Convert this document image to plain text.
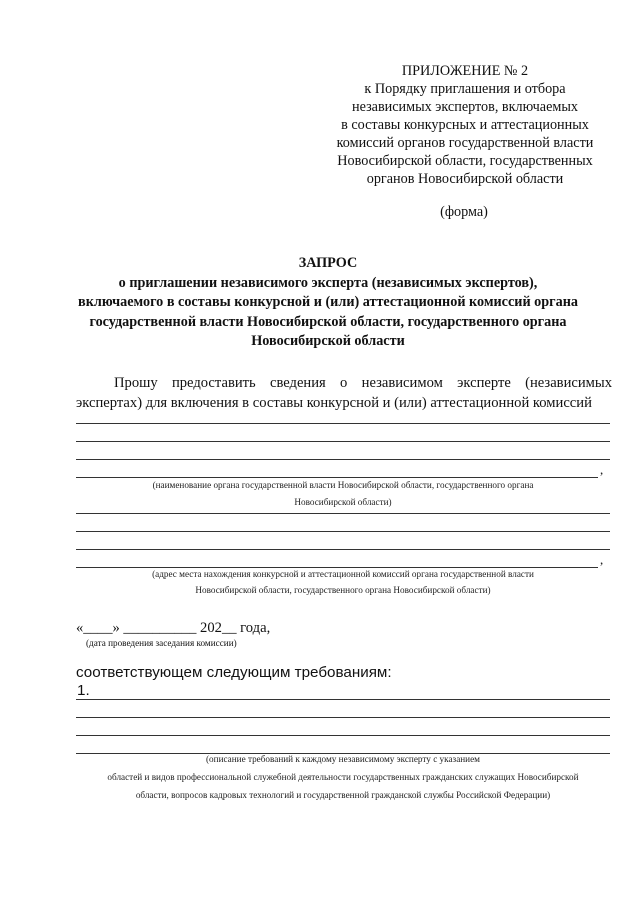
ПРИЛОЖЕНИЕ № 2
к Порядку приглашения и отбора
независимых экспертов, включаемых
в составы конкурсных и аттестационных
комиссий органов государственной власти
Новосибирской области, государственных
органов Новосибирской области
(форма)
ЗАПРОС
о приглашении независимого эксперта (независимых экспертов),
включаемого в составы конкурсной и (или) аттестационной комиссий органа
государственной власти Новосибирской области, государственного органа
Новосибирской области
Прошу предоставить сведения о независимом эксперте (независимых
экспертах) для включения в составы конкурсной и (или) аттестационной комиссий
,
(наименование органа государственной власти Новосибирской области, государственного органа
Новосибирской области)
,
(адрес места нахождения конкурсной и аттестационной комиссий органа государственной власти
Новосибирской области, государственного органа Новосибирской области)
«____» __________ 202__ года,
(дата проведения заседания комиссии)
соответствующем следующим требованиям:
1.
(описание требований к каждому независимому эксперту с указанием
областей и видов профессиональной служебной деятельности государственных гражданских служащих Новосибирской
области, вопросов кадровых технологий и государственной гражданской службы Российской Федерации)
